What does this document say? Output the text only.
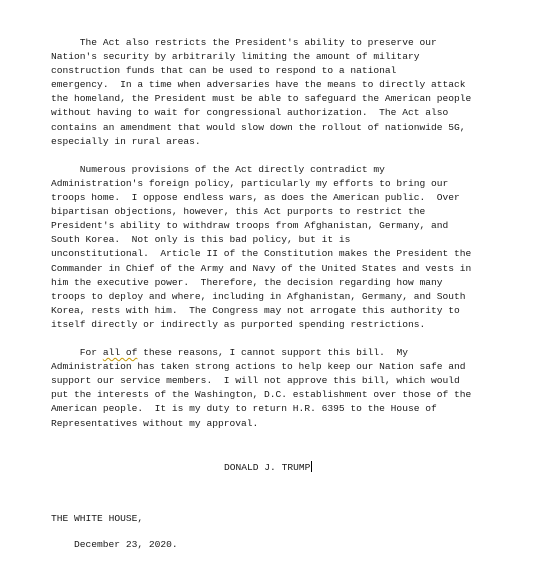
The Act also restricts the President's ability to preserve our
Nation's security by arbitrarily limiting the amount of military
construction funds that can be used to respond to a national
emergency.  In a time when adversaries have the means to directly attack
the homeland, the President must be able to safeguard the American people
without having to wait for congressional authorization.  The Act also
contains an amendment that would slow down the rollout of nationwide 5G,
especially in rural areas.
Numerous provisions of the Act directly contradict my
Administration's foreign policy, particularly my efforts to bring our
troops home.  I oppose endless wars, as does the American public.  Over
bipartisan objections, however, this Act purports to restrict the
President's ability to withdraw troops from Afghanistan, Germany, and
South Korea.  Not only is this bad policy, but it is
unconstitutional.  Article II of the Constitution makes the President the
Commander in Chief of the Army and Navy of the United States and vests in
him the executive power.  Therefore, the decision regarding how many
troops to deploy and where, including in Afghanistan, Germany, and South
Korea, rests with him.  The Congress may not arrogate this authority to
itself directly or indirectly as purported spending restrictions.
For all of these reasons, I cannot support this bill.  My
Administration has taken strong actions to help keep our Nation safe and
support our service members.  I will not approve this bill, which would
put the interests of the Washington, D.C. establishment over those of the
American people.  It is my duty to return H.R. 6395 to the House of
Representatives without my approval.
DONALD J. TRUMP
THE WHITE HOUSE,
December 23, 2020.
